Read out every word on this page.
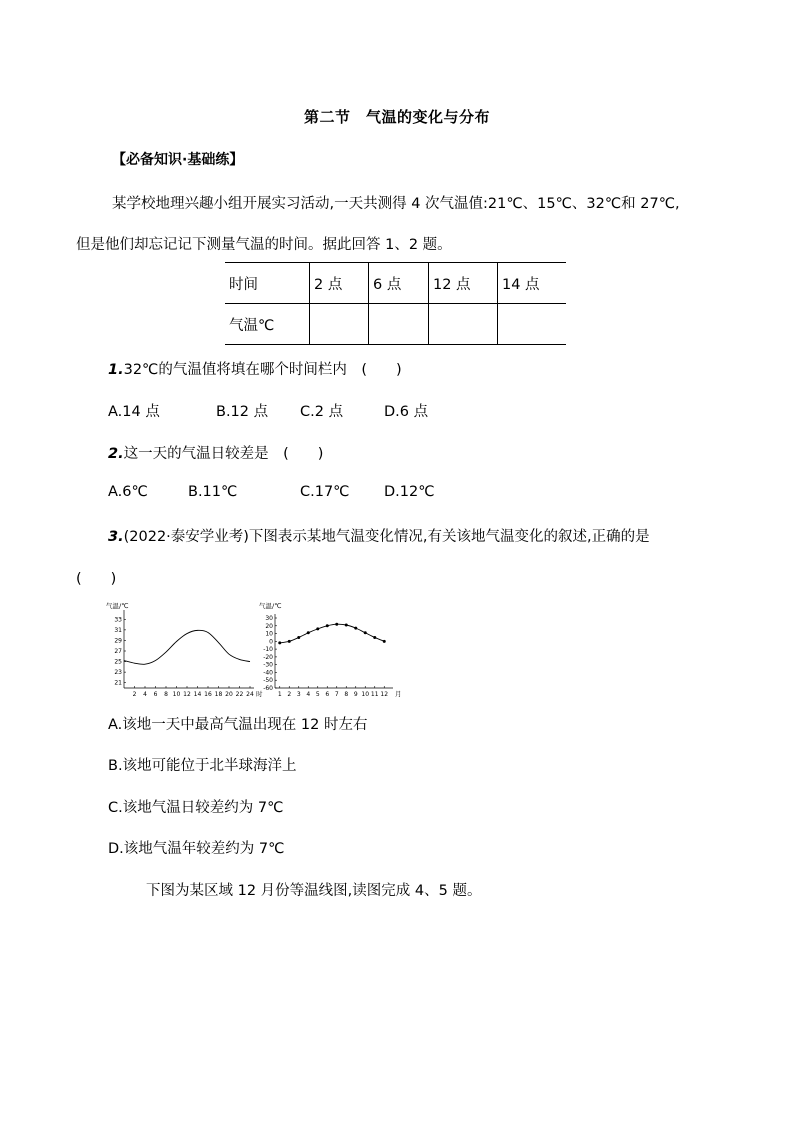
第二节　气温的变化与分布
【必备知识·基础练】
某学校地理兴趣小组开展实习活动,一天共测得 4 次气温值:21℃、15℃、32℃和 27℃,
但是他们却忘记记下测量气温的时间。据此回答 1、2 题。
时间	2 点	6 点	12 点	14 点
气温℃				
1.32℃的气温值将填在哪个时间栏内　(　　)
A.14 点	B.12 点 C.2 点	D.6 点
2.这一天的气温日较差是　(　　)
A.6℃	B.11℃	C.17℃ D.12℃
3.(2022·泰安学业考)下图表示某地气温变化情况,有关该地气温变化的叙述,正确的是
(　　)
气温/℃
33
31
29
27
25
23
21
2 4 6 8 10 12 14 16 18 20 22 24 时
气温/℃
30
20
10
0
-10
-20
-30
-40
-50
-60
1 2 3 4 5 6 7 8 9 10 11 12 月
A.该地一天中最高气温出现在 12 时左右
B.该地可能位于北半球海洋上
C.该地气温日较差约为 7℃
D.该地气温年较差约为 7℃
下图为某区域 12 月份等温线图,读图完成 4、5 题。
